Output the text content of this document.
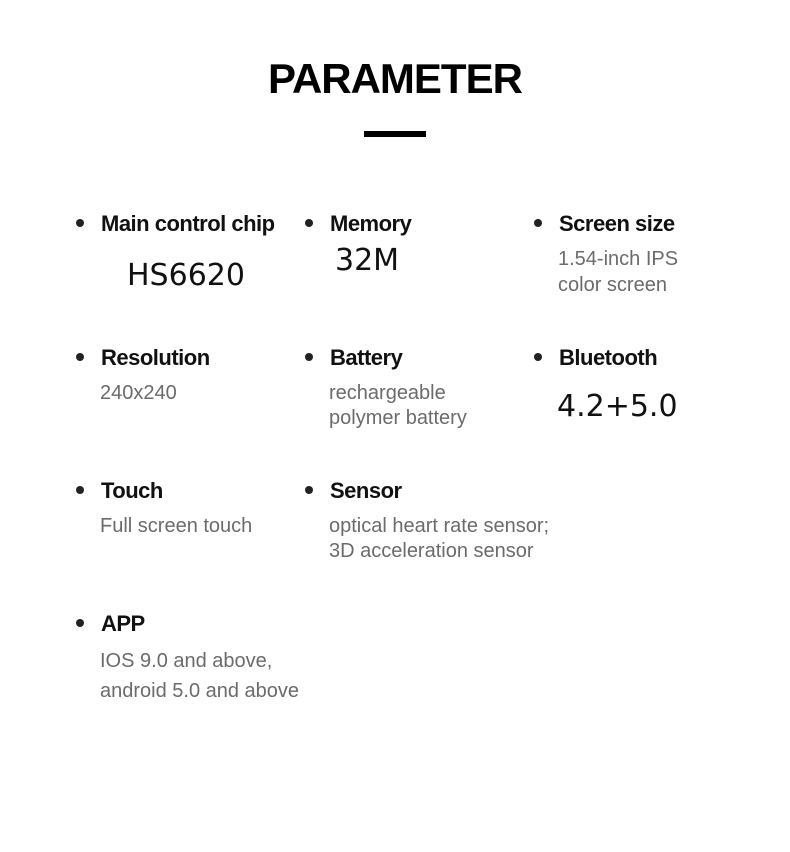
PARAMETER
Main control chip
HS6620
Memory
32M
Screen size
1.54-inch IPS
color screen
Resolution
240x240
Battery
rechargeable
polymer battery
Bluetooth
4.2+5.0
Touch
Full screen touch
Sensor
optical heart rate sensor;
3D acceleration sensor
APP
IOS 9.0 and above,
android 5.0 and above
